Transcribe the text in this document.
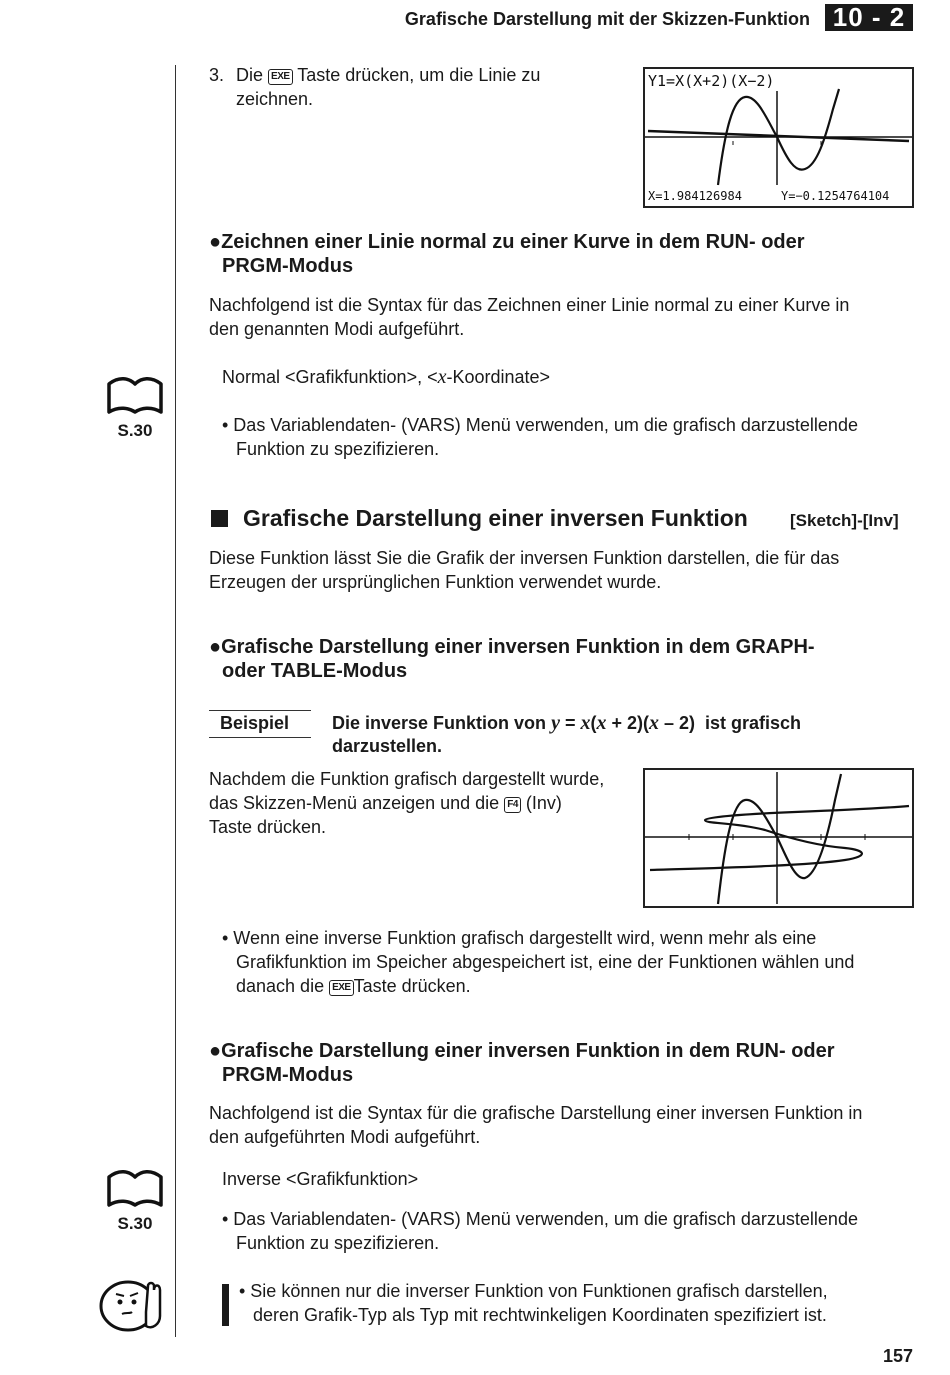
Grafische Darstellung mit der Skizzen-Funktion 10 - 2
3. Die EXE Taste drücken, um die Linie zu
zeichnen.
Y1=X(X+2)(X−2)
X=1.984126984	Y=−0.1254764104
●Zeichnen einer Linie normal zu einer Kurve in dem RUN- oder
PRGM-Modus
Nachfolgend ist die Syntax für das Zeichnen einer Linie normal zu einer Kurve in
den genannten Modi aufgeführt.
Normal <Grafikfunktion>, <x-Koordinate>
• Das Variablendaten- (VARS) Menü verwenden, um die grafisch darzustellende
Funktion zu spezifizieren.
S.30
Grafische Darstellung einer inversen Funktion [Sketch]-[Inv]
Diese Funktion lässt Sie die Grafik der inversen Funktion darstellen, die für das
Erzeugen der ursprünglichen Funktion verwendet wurde.
●Grafische Darstellung einer inversen Funktion in dem GRAPH-
oder TABLE-Modus
Beispiel Die inverse Funktion von y = x(x + 2)(x – 2)  ist grafisch
darzustellen.
Nachdem die Funktion grafisch dargestellt wurde,
das Skizzen-Menü anzeigen und die F4 (Inv)
Taste drücken.
• Wenn eine inverse Funktion grafisch dargestellt wird, wenn mehr als eine
Grafikfunktion im Speicher abgespeichert ist, eine der Funktionen wählen und
danach die EXE Taste drücken.
●Grafische Darstellung einer inversen Funktion in dem RUN- oder
PRGM-Modus
Nachfolgend ist die Syntax für die grafische Darstellung einer inversen Funktion in
den aufgeführten Modi aufgeführt.
Inverse <Grafikfunktion>
• Das Variablendaten- (VARS) Menü verwenden, um die grafisch darzustellende
Funktion zu spezifizieren.
S.30
• Sie können nur die inverser Funktion von Funktionen grafisch darstellen,
deren Grafik-Typ als Typ mit rechtwinkeligen Koordinaten spezifiziert ist.
157
